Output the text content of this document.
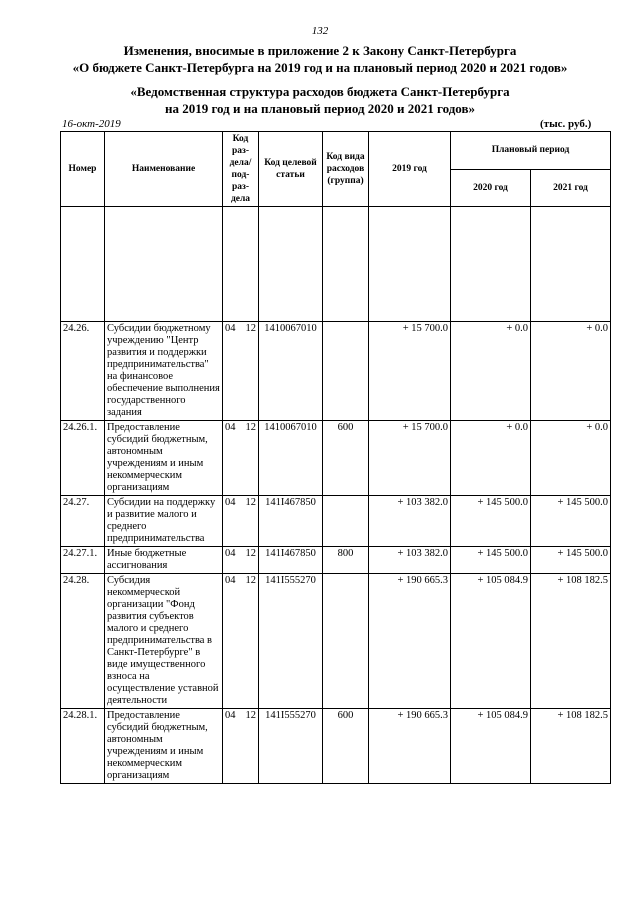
132
Изменения, вносимые в приложение 2 к Закону Санкт-Петербурга
«О бюджете Санкт-Петербурга на 2019 год и на плановый период 2020 и 2021 годов»
«Ведомственная структура расходов бюджета Санкт-Петербурга
на 2019 год и на плановый период 2020 и 2021 годов»
16-окт-2019	(тыс. руб.)
Номер	Наименование	Код раз- дела/ под- раз- дела	Код целевой статьи	Код вида расходов (группа)	2019 год	Плановый период	
						2020 год	2021 год

24.26.	Субсидии бюджетному учреждению "Центр развития и поддержки предпринимательства" на финансовое обеспечение выполнения государственного задания	04 12	1410067010		+ 15 700.0	+ 0.0	+ 0.0
24.26.1.	Предоставление субсидий бюджетным, автономным учреждениям и иным некоммерческим организациям	04 12	1410067010	600	+ 15 700.0	+ 0.0	+ 0.0
24.27.	Субсидии на поддержку и развитие малого и среднего предпринимательства	04 12	141I467850		+ 103 382.0	+ 145 500.0	+ 145 500.0
24.27.1.	Иные бюджетные ассигнования	04 12	141I467850	800	+ 103 382.0	+ 145 500.0	+ 145 500.0
24.28.	Субсидия некоммерческой организации "Фонд развития субъектов малого и среднего предпринимательства в Санкт-Петербурге" в виде имущественного взноса на осуществление уставной деятельности	04 12	141I555270		+ 190 665.3	+ 105 084.9	+ 108 182.5
24.28.1.	Предоставление субсидий бюджетным, автономным учреждениям и иным некоммерческим организациям	04 12	141I555270	600	+ 190 665.3	+ 105 084.9	+ 108 182.5
